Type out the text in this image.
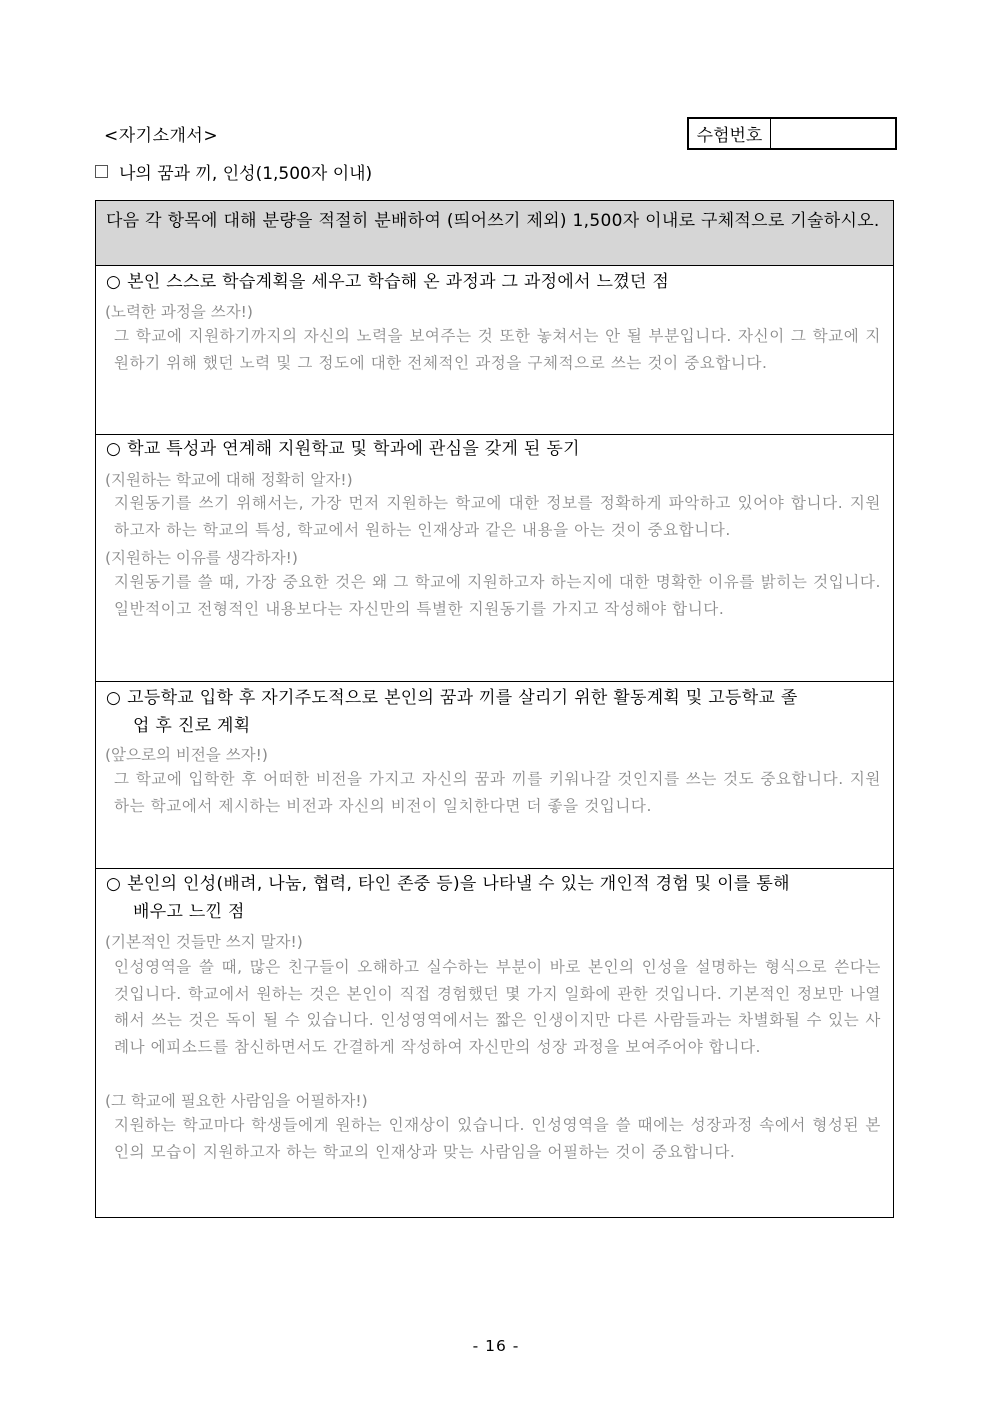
<자기소개서>	수험번호
나의 꿈과 끼, 인성(1,500자 이내)
다음 각 항목에 대해 분량을 적절히 분배하여 (띄어쓰기 제외) 1,500자 이내로 구체적으로 기술하시오.
○ 본인 스스로 학습계획을 세우고 학습해 온 과정과 그 과정에서 느꼈던 점
(노력한 과정을 쓰자!)
그 학교에 지원하기까지의 자신의 노력을 보여주는 것 또한 놓쳐서는 안 될 부분입니다. 자신이 그 학교에 지원하기 위해 했던 노력 및 그 정도에 대한 전체적인 과정을 구체적으로 쓰는 것이 중요합니다.
○ 학교 특성과 연계해 지원학교 및 학과에 관심을 갖게 된 동기
(지원하는 학교에 대해 정확히 알자!)
지원동기를 쓰기 위해서는, 가장 먼저 지원하는 학교에 대한 정보를 정확하게 파악하고 있어야 합니다. 지원하고자 하는 학교의 특성, 학교에서 원하는 인재상과 같은 내용을 아는 것이 중요합니다.
(지원하는 이유를 생각하자!)
지원동기를 쓸 때, 가장 중요한 것은 왜 그 학교에 지원하고자 하는지에 대한 명확한 이유를 밝히는 것입니다. 일반적이고 전형적인 내용보다는 자신만의 특별한 지원동기를 가지고 작성해야 합니다.
○ 고등학교 입학 후 자기주도적으로 본인의 꿈과 끼를 살리기 위한 활동계획 및 고등학교 졸
업 후 진로 계획
(앞으로의 비전을 쓰자!)
그 학교에 입학한 후 어떠한 비전을 가지고 자신의 꿈과 끼를 키워나갈 것인지를 쓰는 것도 중요합니다. 지원하는 학교에서 제시하는 비전과 자신의 비전이 일치한다면 더 좋을 것입니다.
○ 본인의 인성(배려, 나눔, 협력, 타인 존중 등)을 나타낼 수 있는 개인적 경험 및 이를 통해
배우고 느낀 점
(기본적인 것들만 쓰지 말자!)
인성영역을 쓸 때, 많은 친구들이 오해하고 실수하는 부분이 바로 본인의 인성을 설명하는 형식으로 쓴다는 것입니다. 학교에서 원하는 것은 본인이 직접 경험했던 몇 가지 일화에 관한 것입니다. 기본적인 정보만 나열해서 쓰는 것은 독이 될 수 있습니다. 인성영역에서는 짧은 인생이지만 다른 사람들과는 차별화될 수 있는 사례나 에피소드를 참신하면서도 간결하게 작성하여 자신만의 성장 과정을 보여주어야 합니다.
(그 학교에 필요한 사람임을 어필하자!)
지원하는 학교마다 학생들에게 원하는 인재상이 있습니다. 인성영역을 쓸 때에는 성장과정 속에서 형성된 본인의 모습이 지원하고자 하는 학교의 인재상과 맞는 사람임을 어필하는 것이 중요합니다.
- 16 -
